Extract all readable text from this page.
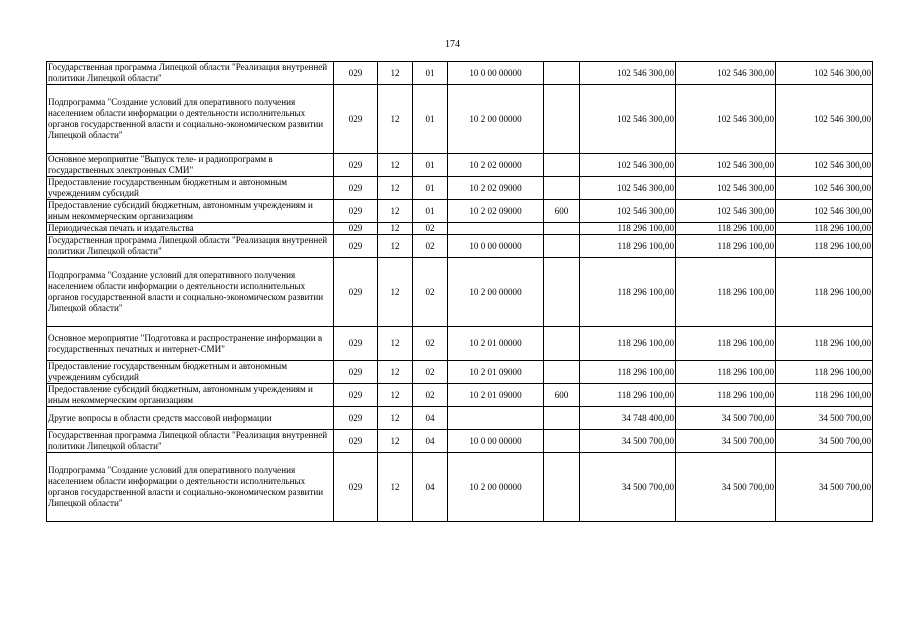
174
Государственная программа Липецкой области "Реализация внутренней политики Липецкой области"	029	12	01	10 0 00 00000		102 546 300,00	102 546 300,00	102 546 300,00
Подпрограмма "Создание условий для оперативного получения населением области информации о деятельности исполнительных органов государственной власти и социально-экономическом развитии Липецкой области"	029	12	01	10 2 00 00000		102 546 300,00	102 546 300,00	102 546 300,00
Основное мероприятие "Выпуск теле- и радиопрограмм в государственных электронных СМИ"	029	12	01	10 2 02 00000		102 546 300,00	102 546 300,00	102 546 300,00
Предоставление государственным бюджетным и автономным учреждениям субсидий	029	12	01	10 2 02 09000		102 546 300,00	102 546 300,00	102 546 300,00
Предоставление субсидий бюджетным, автономным учреждениям и иным некоммерческим организациям	029	12	01	10 2 02 09000	600	102 546 300,00	102 546 300,00	102 546 300,00
Периодическая печать и издательства	029	12	02			118 296 100,00	118 296 100,00	118 296 100,00
Государственная программа Липецкой области "Реализация внутренней политики Липецкой области"	029	12	02	10 0 00 00000		118 296 100,00	118 296 100,00	118 296 100,00
Подпрограмма "Создание условий для оперативного получения населением области информации о деятельности исполнительных органов государственной власти и социально-экономическом развитии Липецкой области"	029	12	02	10 2 00 00000		118 296 100,00	118 296 100,00	118 296 100,00
Основное мероприятие "Подготовка и распространение информации в государственных печатных и интернет-СМИ"	029	12	02	10 2 01 00000		118 296 100,00	118 296 100,00	118 296 100,00
Предоставление государственным бюджетным и автономным учреждениям субсидий	029	12	02	10 2 01 09000		118 296 100,00	118 296 100,00	118 296 100,00
Предоставление субсидий бюджетным, автономным учреждениям и иным некоммерческим организациям	029	12	02	10 2 01 09000	600	118 296 100,00	118 296 100,00	118 296 100,00
Другие вопросы в области средств массовой информации	029	12	04			34 748 400,00	34 500 700,00	34 500 700,00
Государственная программа Липецкой области "Реализация внутренней политики Липецкой области"	029	12	04	10 0 00 00000		34 500 700,00	34 500 700,00	34 500 700,00
Подпрограмма "Создание условий для оперативного получения населением области информации о деятельности исполнительных органов государственной власти и социально-экономическом развитии Липецкой области"	029	12	04	10 2 00 00000		34 500 700,00	34 500 700,00	34 500 700,00
